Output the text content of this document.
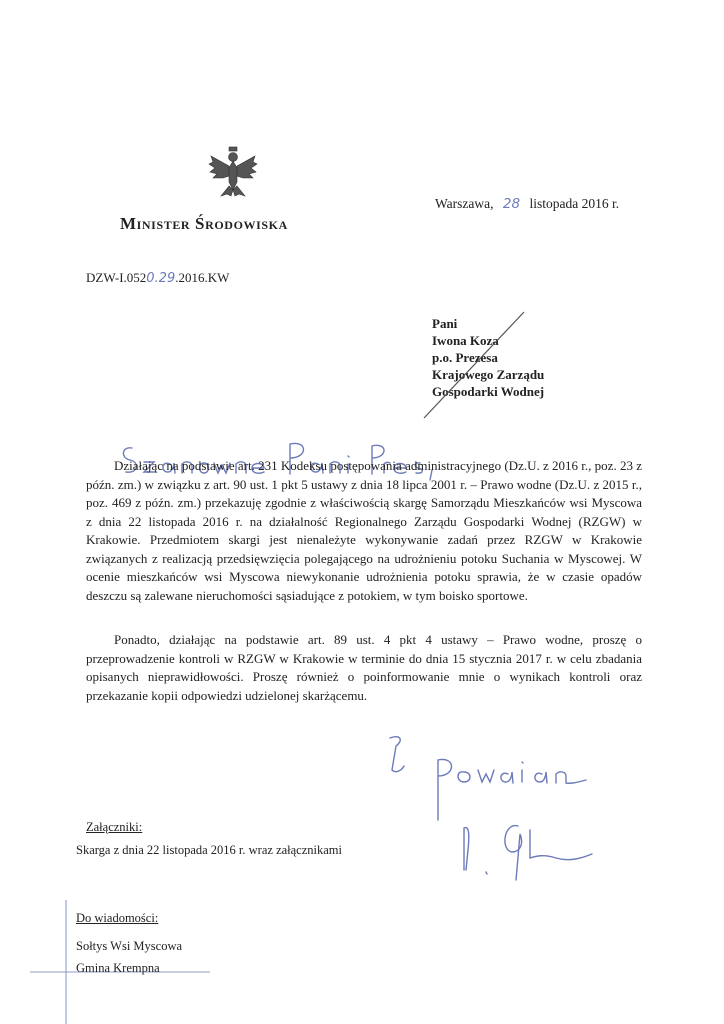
Minister Środowiska
Warszawa, 28 listopada 2016 r.
DZW-I.0520.29.2016.KW
Pani
Iwona Koza
p.o. Prezesa
Krajowego Zarządu
Gospodarki Wodnej
Działając na podstawie art. 231 Kodeksu postępowania administracyjnego (Dz.U. z 2016 r., poz. 23 z późn. zm.) w związku z art. 90 ust. 1 pkt 5 ustawy z dnia 18 lipca 2001 r. – Prawo wodne (Dz.U. z 2015 r., poz. 469 z późn. zm.) przekazuję zgodnie z właściwością skargę Samorządu Mieszkańców wsi Myscowa z dnia 22 listopada 2016 r. na działalność Regionalnego Zarządu Gospodarki Wodnej (RZGW) w Krakowie. Przedmiotem skargi jest nienależyte wykonywanie zadań przez RZGW w Krakowie związanych z realizacją przedsięwzięcia polegającego na udrożnieniu potoku Suchania w Myscowej. W ocenie mieszkańców wsi Myscowa niewykonanie udrożnienia potoku sprawia, że w czasie opadów deszczu są zalewane nieruchomości sąsiadujące z potokiem, w tym boisko sportowe.
Ponadto, działając na podstawie art. 89 ust. 4 pkt 4 ustawy – Prawo wodne, proszę o przeprowadzenie kontroli w RZGW w Krakowie w terminie do dnia 15 stycznia 2017 r. w celu zbadania opisanych nieprawidłowości. Proszę również o poinformowanie mnie o wynikach kontroli oraz przekazanie kopii odpowiedzi udzielonej skarżącemu.
Załączniki:
Skarga z dnia 22 listopada 2016 r. wraz załącznikami
Do wiadomości:
Sołtys Wsi Myscowa
Gmina Krempna
